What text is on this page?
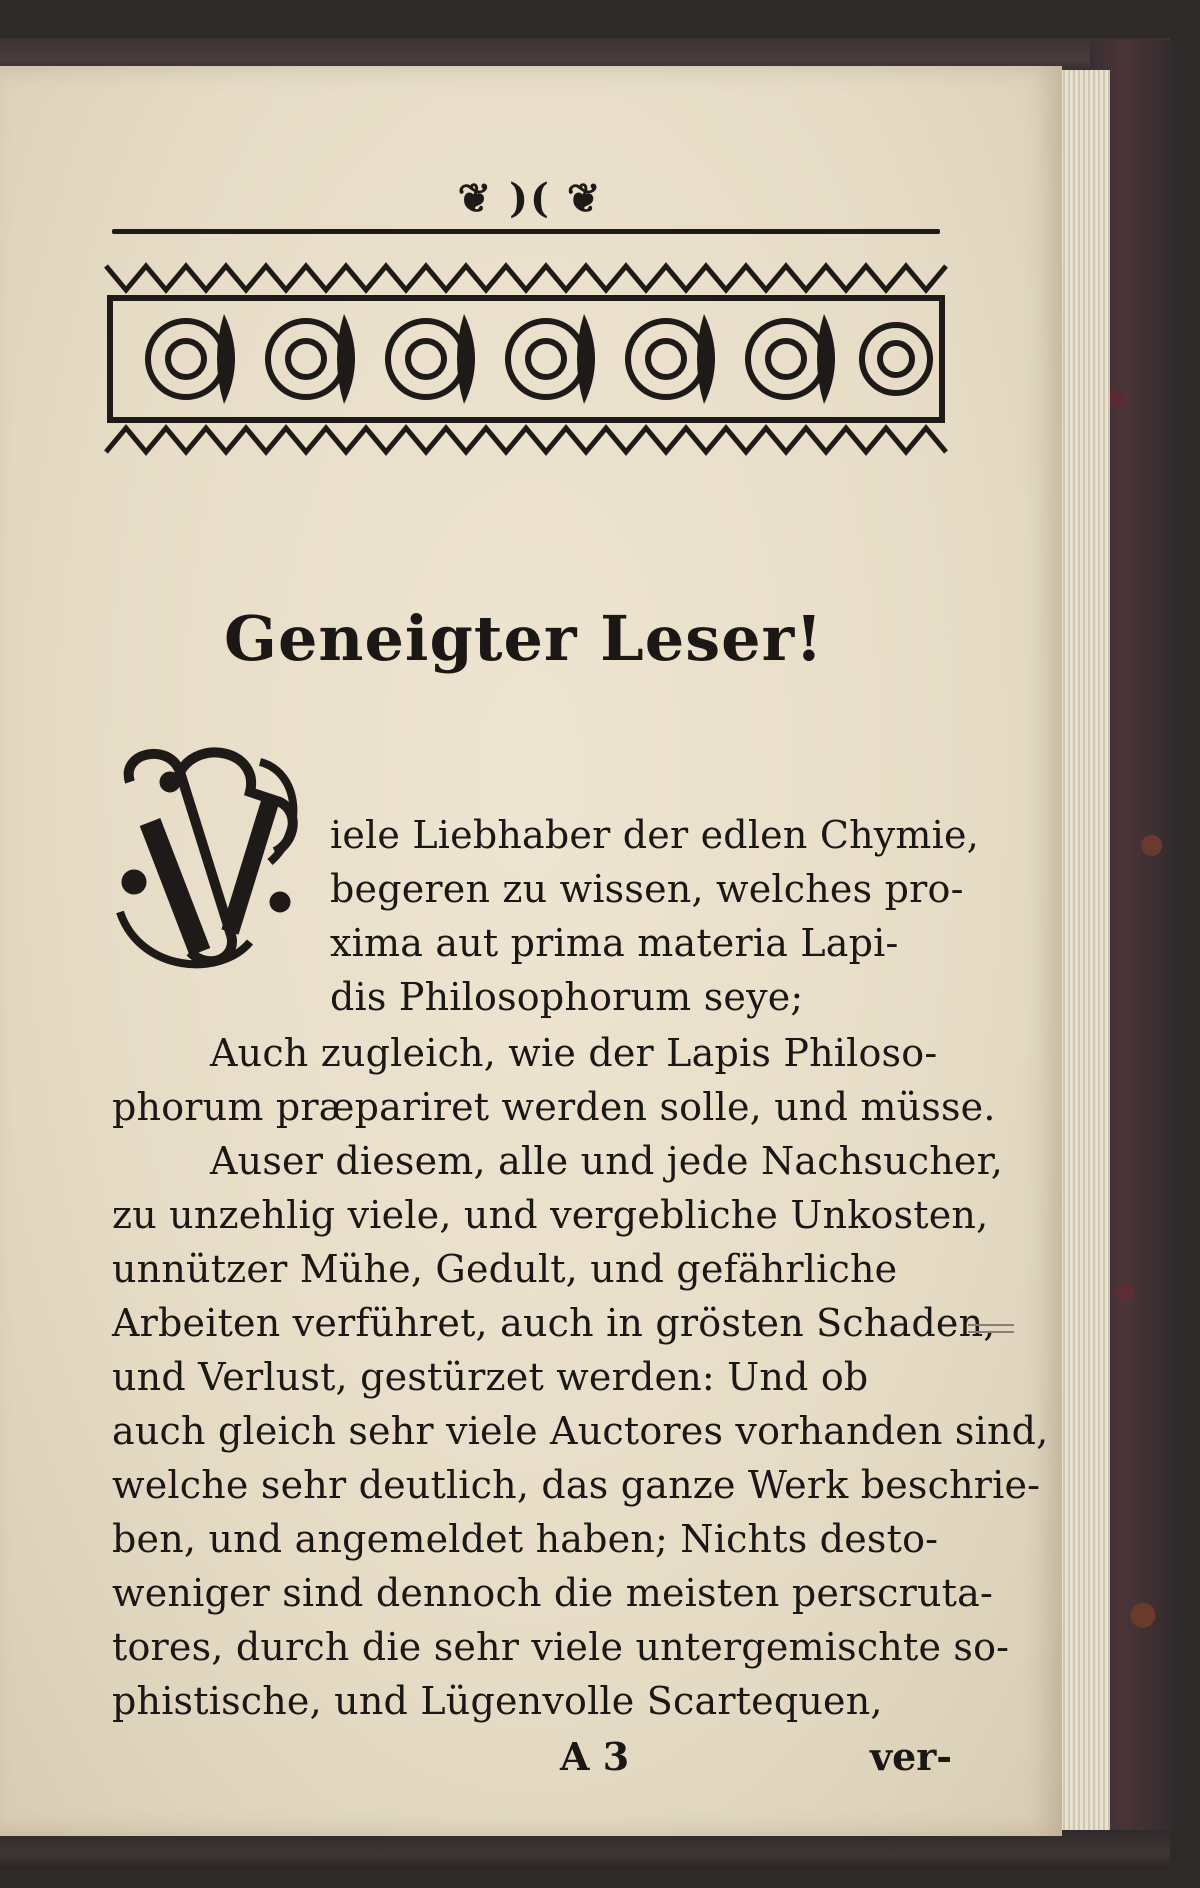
❦ )( ❦
Geneigter Leser!
iele Liebhaber der edlen Chymie,
begeren zu wissen, welches pro-
xima aut prima materia Lapi-
dis Philosophorum seye;
Auch zugleich, wie der Lapis Philoso-
phorum præpariret werden solle, und müsse.
Auser diesem, alle und jede Nachsucher,
zu unzehlig viele, und vergebliche Unkosten,
unnützer Mühe, Gedult, und gefährliche
Arbeiten verführet, auch in grösten Schaden,
und Verlust, gestürzet werden: Und ob
auch gleich sehr viele Auctores vorhanden sind,
welche sehr deutlich, das ganze Werk beschrie-
ben, und angemeldet haben; Nichts desto-
weniger sind dennoch die meisten perscruta-
tores, durch die sehr viele untergemischte so-
phistische, und Lügenvolle Scartequen,
A 3	ver-
